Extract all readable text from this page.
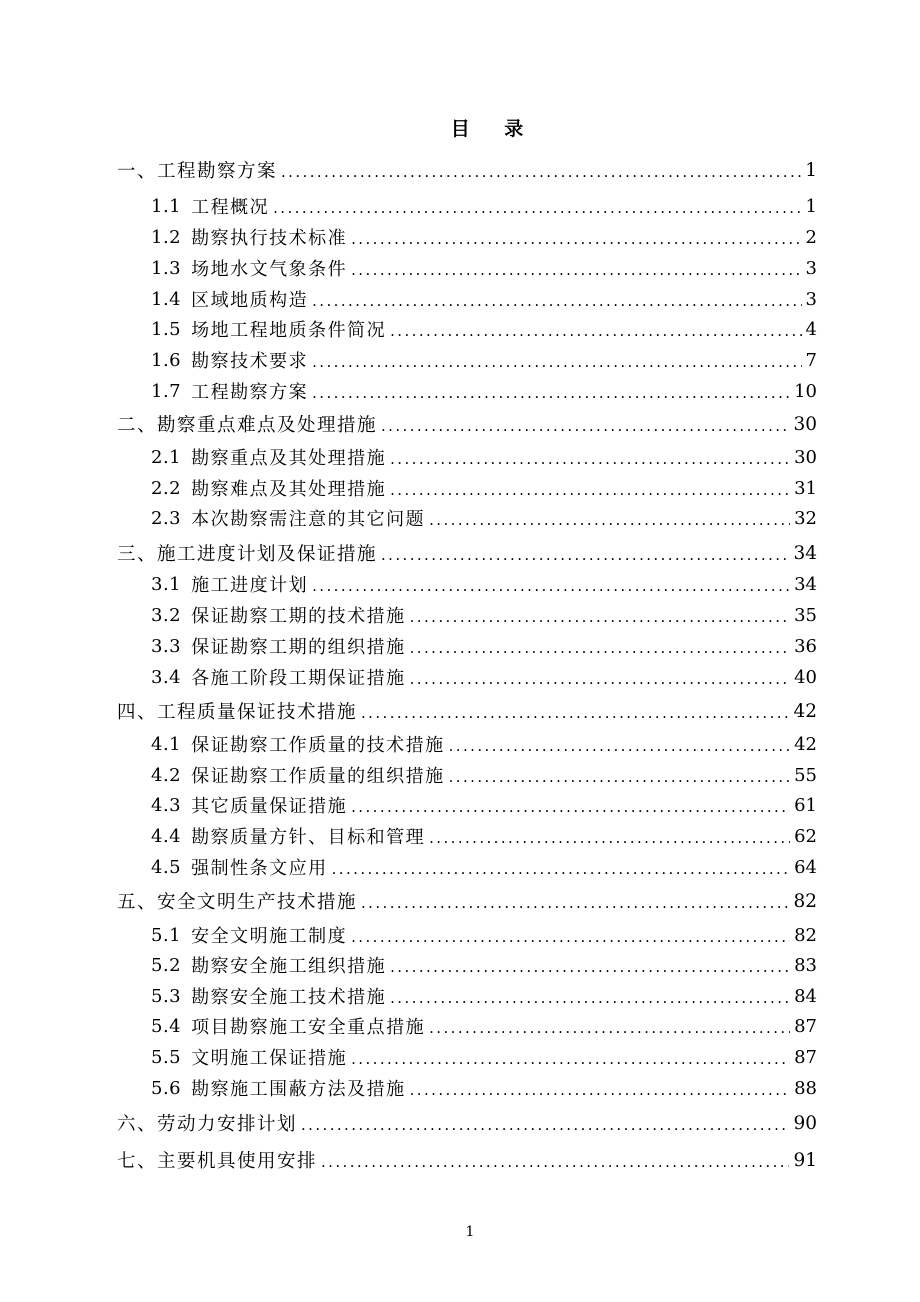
目 录
一、工程勘察方案 .....	1
1.1 工程概况 .....	1
1.2 勘察执行技术标准 .....	2
1.3 场地水文气象条件 .....	3
1.4 区域地质构造 .....	3
1.5 场地工程地质条件简况 .....	4
1.6 勘察技术要求 .....	7
1.7 工程勘察方案 .....	10
二、勘察重点难点及处理措施 .....	30
2.1 勘察重点及其处理措施 .....	30
2.2 勘察难点及其处理措施 .....	31
2.3 本次勘察需注意的其它问题 .....	32
三、施工进度计划及保证措施 .....	34
3.1 施工进度计划 .....	34
3.2 保证勘察工期的技术措施 .....	35
3.3 保证勘察工期的组织措施 .....	36
3.4 各施工阶段工期保证措施 .....	40
四、工程质量保证技术措施 .....	42
4.1 保证勘察工作质量的技术措施 .....	42
4.2 保证勘察工作质量的组织措施 .....	55
4.3 其它质量保证措施 .....	61
4.4 勘察质量方针、目标和管理 .....	62
4.5 强制性条文应用 .....	64
五、安全文明生产技术措施 .....	82
5.1 安全文明施工制度 .....	82
5.2 勘察安全施工组织措施 .....	83
5.3 勘察安全施工技术措施 .....	84
5.4 项目勘察施工安全重点措施 .....	87
5.5 文明施工保证措施 .....	87
5.6 勘察施工围蔽方法及措施 .....	88
六、劳动力安排计划 .....	90
七、主要机具使用安排 .....	91
1
